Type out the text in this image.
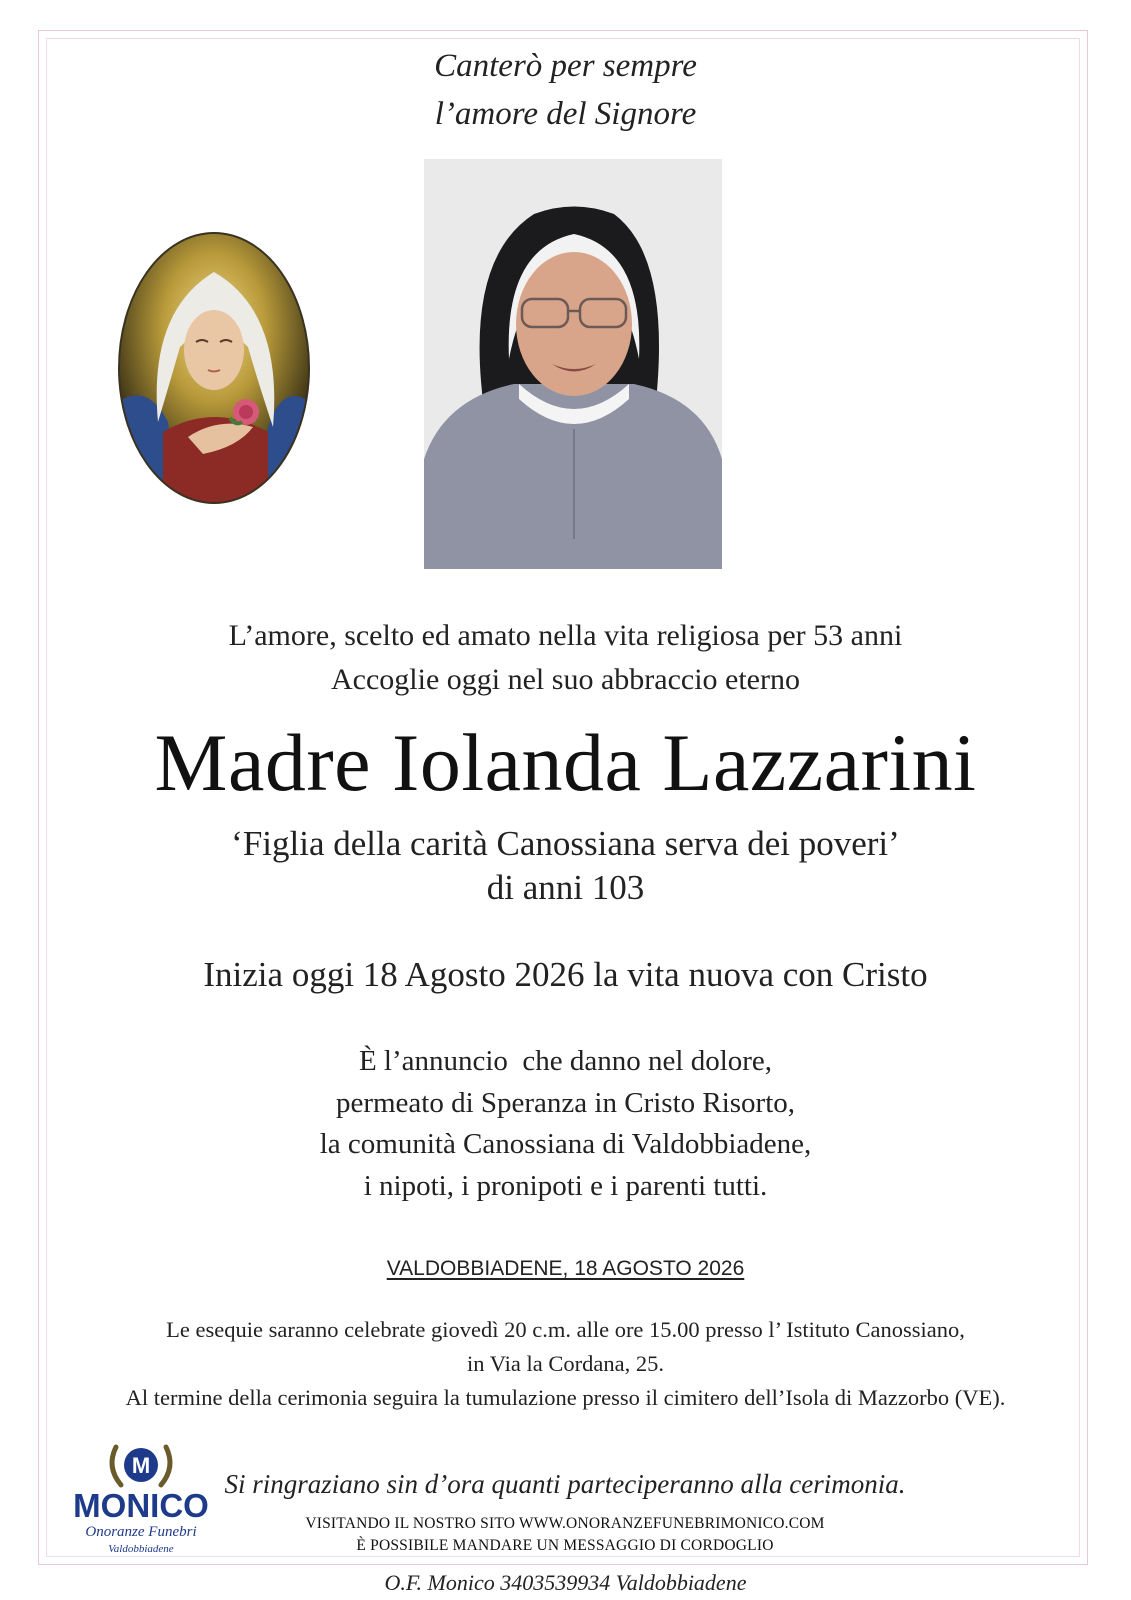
Canterò per sempre
l’amore del Signore
L’amore, scelto ed amato nella vita religiosa per 53 anni
Accoglie oggi nel suo abbraccio eterno
Madre Iolanda Lazzarini
‘Figlia della carità Canossiana serva dei poveri’
di anni 103
Inizia oggi 18 Agosto 2026 la vita nuova con Cristo
È l’annuncio  che danno nel dolore,
permeato di Speranza in Cristo Risorto,
la comunità Canossiana di Valdobbiadene,
i nipoti, i pronipoti e i parenti tutti.
VALDOBBIADENE, 18 AGOSTO 2026
Le esequie saranno celebrate giovedì 20 c.m. alle ore 15.00 presso l’ Istituto Canossiano,
in Via la Cordana, 25.
Al termine della cerimonia seguira la tumulazione presso il cimitero dell’Isola di Mazzorbo (VE).
M
MONICO
Onoranze Funebri
Valdobbiadene
Si ringraziano sin d’ora quanti parteciperanno alla cerimonia.
VISITANDO IL NOSTRO SITO WWW.ONORANZEFUNEBRIMONICO.COM
È POSSIBILE MANDARE UN MESSAGGIO DI CORDOGLIO
O.F. Monico 3403539934 Valdobbiadene
